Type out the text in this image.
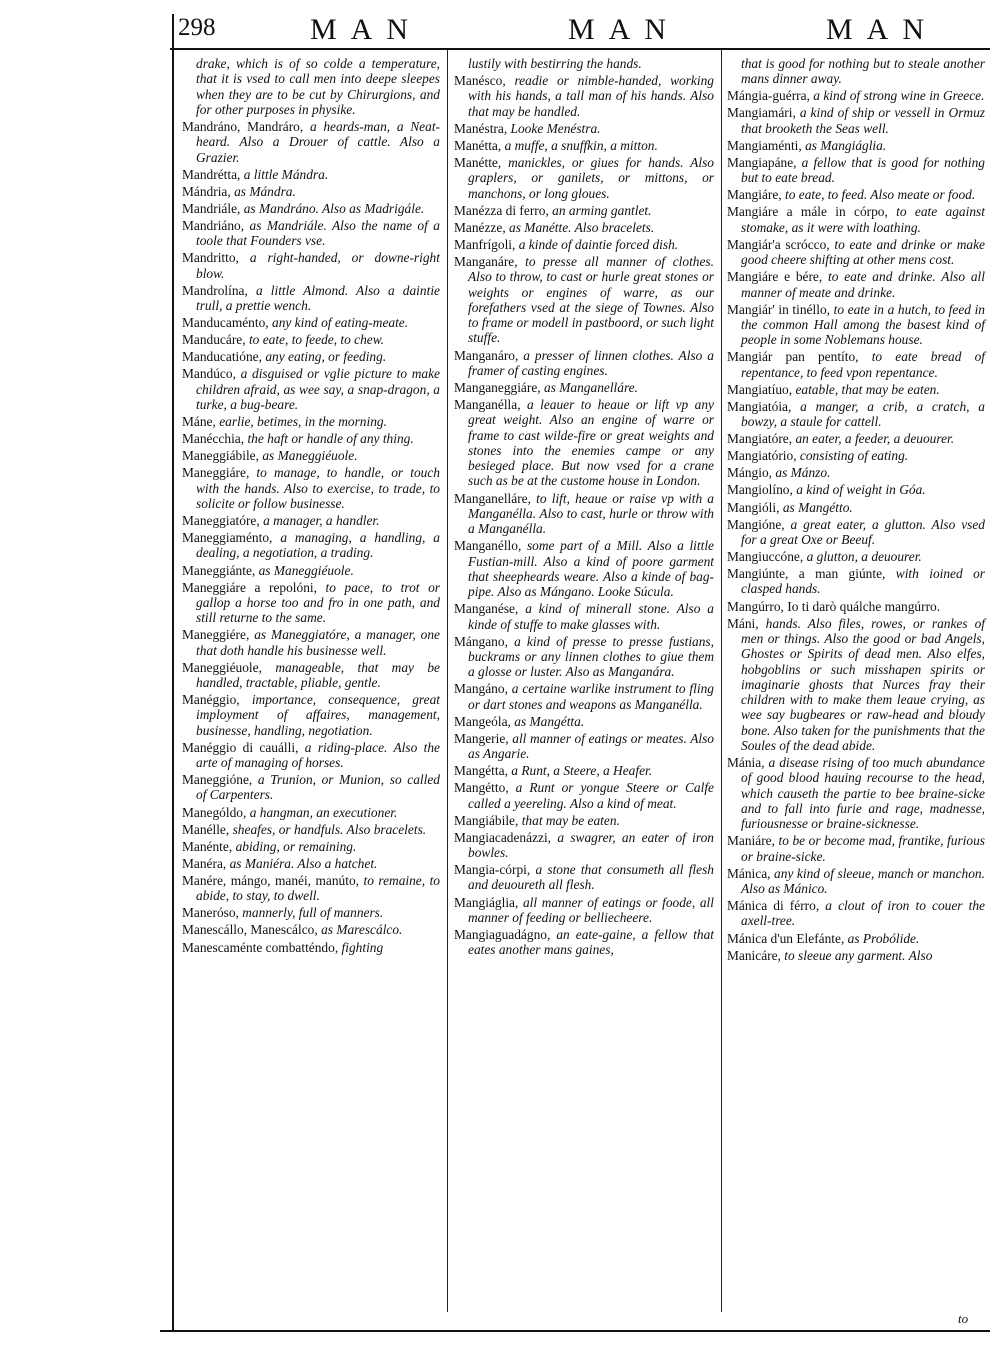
298	MAN	MAN	MAN
drake, which is of so colde a temperature, that it is vsed to call men into deepe sleepes when they are to be cut by Chirurgions, and for other purposes in physike.
Mandráno, Mandráro, a heards-man, a Neat-heard. Also a Drouer of cattle. Also a Grazier.
Mandrétta, a little Mándra.
Mándria, as Mándra.
Mandriále, as Mandráno. Also as Madrigále.
Mandriáno, as Mandriále. Also the name of a toole that Founders vse.
Mandritto, a right-handed, or downe-right blow.
Mandrolína, a little Almond. Also a daintie trull, a prettie wench.
Manducaménto, any kind of eating-meate.
Manducáre, to eate, to feede, to chew.
Manducatióne, any eating, or feeding.
Mandúco, a disguised or vglie picture to make children afraid, as wee say, a snap-dragon, a turke, a bug-beare.
Máne, earlie, betimes, in the morning.
Manécchia, the haft or handle of any thing.
Maneggiábile, as Maneggiéuole.
Maneggiáre, to manage, to handle, or touch with the hands. Also to exercise, to trade, to solicite or follow businesse.
Maneggiatóre, a manager, a handler.
Maneggiaménto, a managing, a handling, a dealing, a negotiation, a trading.
Maneggiánte, as Maneggiéuole.
Maneggiáre a repolóni, to pace, to trot or gallop a horse too and fro in one path, and still returne to the same.
Maneggiére, as Maneggiatóre, a manager, one that doth handle his businesse well.
Maneggiéuole, manageable, that may be handled, tractable, pliable, gentle.
Manéggio, importance, consequence, great imployment of affaires, management, businesse, handling, negotiation.
Manéggio di cauálli, a riding-place. Also the arte of managing of horses.
Maneggióne, a Trunion, or Munion, so called of Carpenters.
Manególdo, a hangman, an executioner.
Manélle, sheafes, or handfuls. Also bracelets.
Manénte, abiding, or remaining.
Manéra, as Maniéra. Also a hatchet.
Manére, mángo, manéi, manúto, to remaine, to abide, to stay, to dwell.
Maneróso, mannerly, full of manners.
Manescállo, Manescálco, as Marescálco.
Manescaménte combatténdo, fighting
lustily with bestirring the hands.
Manésco, readie or nimble-handed, working with his hands, a tall man of his hands. Also that may be handled.
Manéstra, Looke Menéstra.
Manétta, a muffe, a snuffkin, a mitton.
Manétte, manickles, or giues for hands. Also graplers, or ganilets, or mittons, or manchons, or long gloues.
Manézza di ferro, an arming gantlet.
Manézze, as Manétte. Also bracelets.
Manfrígoli, a kinde of daintie forced dish.
Manganáre, to presse all manner of clothes. Also to throw, to cast or hurle great stones or weights or engines of warre, as our forefathers vsed at the siege of Townes. Also to frame or modell in pastboord, or such light stuffe.
Manganáro, a presser of linnen clothes. Also a framer of casting engines.
Manganeggiáre, as Manganelláre.
Manganélla, a leauer to heaue or lift vp any great weight. Also an engine of warre or frame to cast wilde-fire or great weights and stones into the enemies campe or any besieged place. But now vsed for a crane such as be at the custome house in London.
Manganelláre, to lift, heaue or raise vp with a Manganélla. Also to cast, hurle or throw with a Manganélla.
Manganéllo, some part of a Mill. Also a little Fustian-mill. Also a kind of poore garment that sheepheards weare. Also a kinde of bag-pipe. Also as Mángano. Looke Súcula.
Manganése, a kind of minerall stone. Also a kinde of stuffe to make glasses with.
Mángano, a kind of presse to presse fustians, buckrams or any linnen clothes to giue them a glosse or luster. Also as Manganára.
Mangáno, a certaine warlike instrument to fling or dart stones and weapons as Manganélla.
Mangeóla, as Mangétta.
Mangerie, all manner of eatings or meates. Also as Angarie.
Mangétta, a Runt, a Steere, a Heafer.
Mangétto, a Runt or yongue Steere or Calfe called a yeereling. Also a kind of meat.
Mangiábile, that may be eaten.
Mangiacadenázzi, a swagrer, an eater of iron bowles.
Mangia-córpi, a stone that consumeth all flesh and deuoureth all flesh.
Mangiáglia, all manner of eatings or foode, all manner of feeding or belliecheere.
Mangiaguadágno, an eate-gaine, a fellow that eates another mans gaines,
that is good for nothing but to steale another mans dinner away.
Mángia-guérra, a kind of strong wine in Greece.
Mangiamári, a kind of ship or vessell in Ormuz that brooketh the Seas well.
Mangiaménti, as Mangiáglia.
Mangiapáne, a fellow that is good for nothing but to eate bread.
Mangiáre, to eate, to feed. Also meate or food.
Mangiáre a mále in córpo, to eate against stomake, as it were with loathing.
Mangiár'a scrócco, to eate and drinke or make good cheere shifting at other mens cost.
Mangiáre e bére, to eate and drinke. Also all manner of meate and drinke.
Mangiár' in tinéllo, to eate in a hutch, to feed in the common Hall among the basest kind of people in some Noblemans house.
Mangiár pan pentíto, to eate bread of repentance, to feed vpon repentance.
Mangiatíuo, eatable, that may be eaten.
Mangiatóia, a manger, a crib, a cratch, a bowzy, a staule for cattell.
Mangiatóre, an eater, a feeder, a deuourer.
Mangiatório, consisting of eating.
Mángio, as Mánzo.
Mangiolíno, a kind of weight in Góa.
Mangióli, as Mangétto.
Mangióne, a great eater, a glutton. Also vsed for a great Oxe or Beeuf.
Mangiuccóne, a glutton, a deuourer.
Mangiúnte, a man giúnte, with ioined or clasped hands.
Mangúrro, Io ti darò quálche mangúrro.
Máni, hands. Also files, rowes, or rankes of men or things. Also the good or bad Angels, Ghostes or Spirits of dead men. Also elfes, hobgoblins or such misshapen spirits or imaginarie ghosts that Nurces fray their children with to make them leaue crying, as wee say bugbeares or raw-head and bloudy bone. Also taken for the punishments that the Soules of the dead abide.
Mánia, a disease rising of too much abundance of good blood hauing recourse to the head, which causeth the partie to bee braine-sicke and to fall into furie and rage, madnesse, furiousnesse or braine-sicknesse.
Maniáre, to be or become mad, frantike, furious or braine-sicke.
Mánica, any kind of sleeue, manch or manchon. Also as Mánico.
Mánica di férro, a clout of iron to couer the axell-tree.
Mánica d'un Elefánte, as Probólide.
Manicáre, to sleeue any garment. Also
to
